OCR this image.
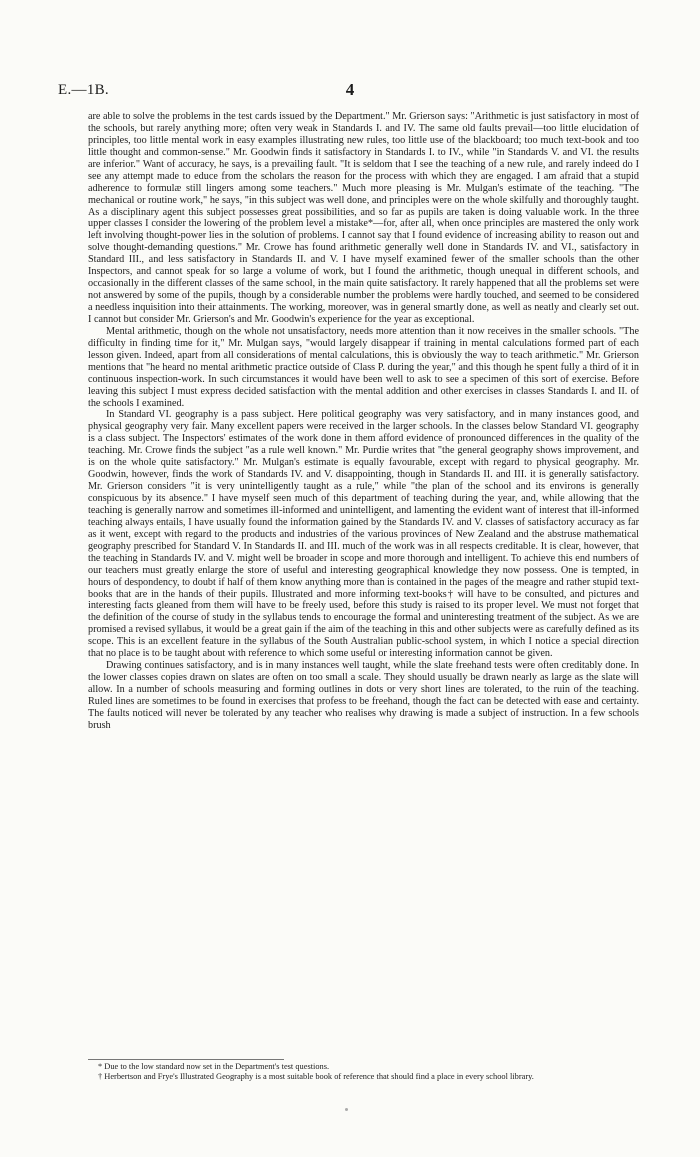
E.—1B.	4

are able to solve the problems in the test cards issued by the Department." Mr. Grierson says: "Arithmetic is just satisfactory in most of the schools, but rarely anything more; often very weak in Standards I. and IV. The same old faults prevail—too little elucidation of principles, too little mental work in easy examples illustrating new rules, too little use of the blackboard; too much text-book and too little thought and common-sense." Mr. Goodwin finds it satisfactory in Standards I. to IV., while "in Standards V. and VI. the results are inferior." Want of accuracy, he says, is a prevailing fault. "It is seldom that I see the teaching of a new rule, and rarely indeed do I see any attempt made to educe from the scholars the reason for the process with which they are engaged. I am afraid that a stupid adherence to formulæ still lingers among some teachers." Much more pleasing is Mr. Mulgan's estimate of the teaching. "The mechanical or routine work," he says, "in this subject was well done, and principles were on the whole skilfully and thoroughly taught. As a disciplinary agent this subject possesses great possibilities, and so far as pupils are taken is doing valuable work. In the three upper classes I consider the lowering of the problem level a mistake*—for, after all, when once principles are mastered the only work left involving thought-power lies in the solution of problems. I cannot say that I found evidence of increasing ability to reason out and solve thought-demanding questions." Mr. Crowe has found arithmetic generally well done in Standards IV. and VI., satisfactory in Standard III., and less satisfactory in Standards II. and V. I have myself examined fewer of the smaller schools than the other Inspectors, and cannot speak for so large a volume of work, but I found the arithmetic, though unequal in different schools, and occasionally in the different classes of the same school, in the main quite satisfactory. It rarely happened that all the problems set were not answered by some of the pupils, though by a considerable number the problems were hardly touched, and seemed to be considered a needless inquisition into their attainments. The working, moreover, was in general smartly done, as well as neatly and clearly set out. I cannot but consider Mr. Grierson's and Mr. Goodwin's experience for the year as exceptional.

Mental arithmetic, though on the whole not unsatisfactory, needs more attention than it now receives in the smaller schools. "The difficulty in finding time for it," Mr. Mulgan says, "would largely disappear if training in mental calculations formed part of each lesson given. Indeed, apart from all considerations of mental calculations, this is obviously the way to teach arithmetic." Mr. Grierson mentions that "he heard no mental arithmetic practice outside of Class P. during the year," and this though he spent fully a third of it in continuous inspection-work. In such circumstances it would have been well to ask to see a specimen of this sort of exercise. Before leaving this subject I must express decided satisfaction with the mental addition and other exercises in classes Standards I. and II. of the schools I examined.

In Standard VI. geography is a pass subject. Here political geography was very satisfactory, and in many instances good, and physical geography very fair. Many excellent papers were received in the larger schools. In the classes below Standard VI. geography is a class subject. The Inspectors' estimates of the work done in them afford evidence of pronounced differences in the quality of the teaching. Mr. Crowe finds the subject "as a rule well known." Mr. Purdie writes that "the general geography shows improvement, and is on the whole quite satisfactory." Mr. Mulgan's estimate is equally favourable, except with regard to physical geography. Mr. Goodwin, however, finds the work of Standards IV. and V. disappointing, though in Standards II. and III. it is generally satisfactory. Mr. Grierson considers "it is very unintelligently taught as a rule," while "the plan of the school and its environs is generally conspicuous by its absence." I have myself seen much of this department of teaching during the year, and, while allowing that the teaching is generally narrow and sometimes ill-informed and unintelligent, and lamenting the evident want of interest that ill-informed teaching always entails, I have usually found the information gained by the Standards IV. and V. classes of satisfactory accuracy as far as it went, except with regard to the products and industries of the various provinces of New Zealand and the abstruse mathematical geography prescribed for Standard V. In Standards II. and III. much of the work was in all respects creditable. It is clear, however, that the teaching in Standards IV. and V. might well be broader in scope and more thorough and intelligent. To achieve this end numbers of our teachers must greatly enlarge the store of useful and interesting geographical knowledge they now possess. One is tempted, in hours of despondency, to doubt if half of them know anything more than is contained in the pages of the meagre and rather stupid text-books that are in the hands of their pupils. Illustrated and more informing text-books† will have to be consulted, and pictures and interesting facts gleaned from them will have to be freely used, before this study is raised to its proper level. We must not forget that the definition of the course of study in the syllabus tends to encourage the formal and uninteresting treatment of the subject. As we are promised a revised syllabus, it would be a great gain if the aim of the teaching in this and other subjects were as carefully defined as its scope. This is an excellent feature in the syllabus of the South Australian public-school system, in which I notice a special direction that no place is to be taught about with reference to which some useful or interesting information cannot be given.

Drawing continues satisfactory, and is in many instances well taught, while the slate freehand tests were often creditably done. In the lower classes copies drawn on slates are often on too small a scale. They should usually be drawn nearly as large as the slate will allow. In a number of schools measuring and forming outlines in dots or very short lines are tolerated, to the ruin of the teaching. Ruled lines are sometimes to be found in exercises that profess to be freehand, though the fact can be detected with ease and certainty. The faults noticed will never be tolerated by any teacher who realises why drawing is made a subject of instruction. In a few schools brush

* Due to the low standard now set in the Department's test questions.
† Herbertson and Frye's Illustrated Geography is a most suitable book of reference that should find a place in every school library.
